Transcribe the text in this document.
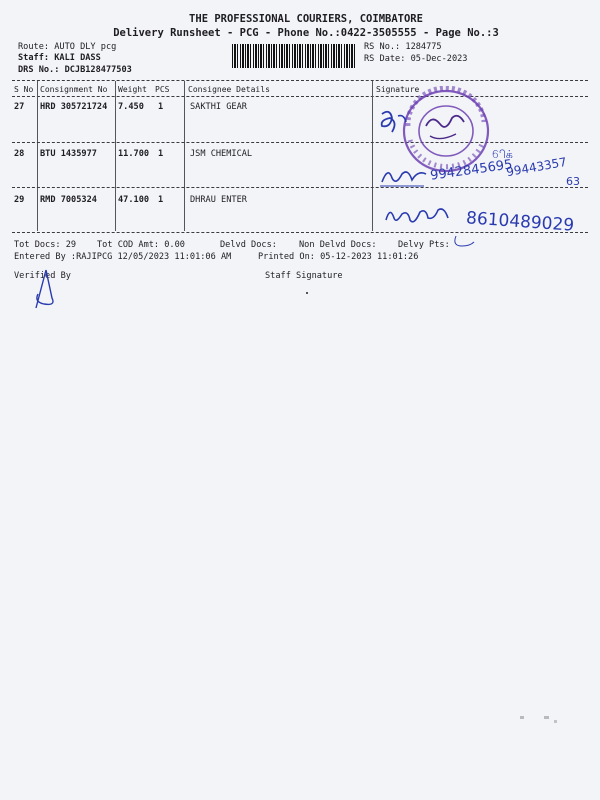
THE PROFESSIONAL COURIERS, COIMBATORE
Delivery Runsheet - PCG - Phone No.:0422-3505555 - Page No.:3
Route: AUTO DLY pcg
Staff: KALI DASS
DRS No.: DCJB128477503
RS No.: 1284775
RS Date: 05-Dec-2023
S No Consignment No Weight PCS Consignee Details	Signature
27 HRD 305721724 7.450 1	SAKTHI GEAR
28 BTU 1435977 11.700 1	JSM CHEMICAL
29 RMD 7005324 47.100 1	DHRAU ENTER
Tot Docs: 29 Tot COD Amt: 0.00	Delvd Docs:	Non Delvd Docs: Delvy Pts:
Entered By :RAJIPCG 12/05/2023 11:01:06 AM	Printed On: 05-12-2023 11:01:26
Verified By	Staff Signature
9942845695
6ிக்
99443357
63
8610489029
